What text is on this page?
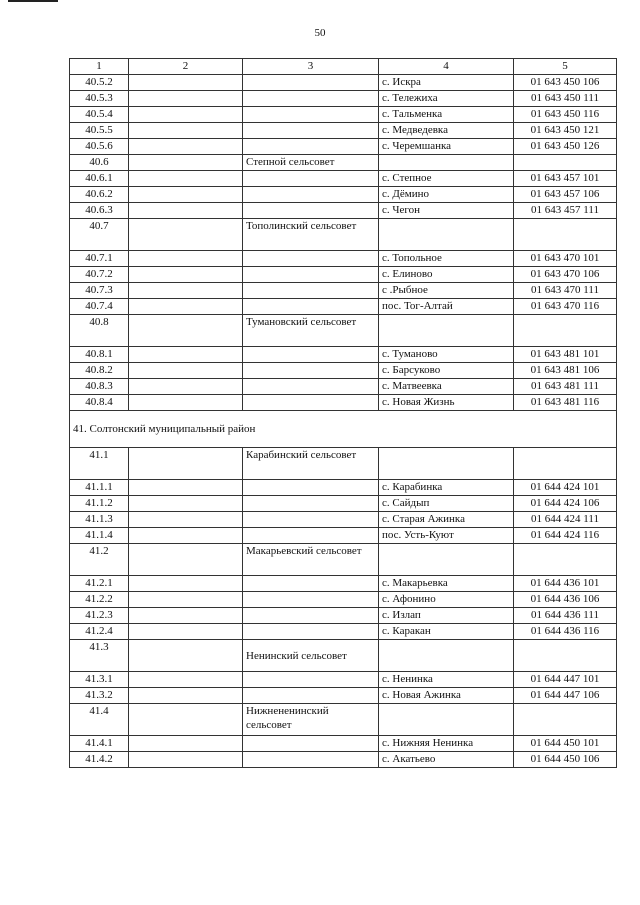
50
1	2	3	4	5
40.5.2			с. Искра	01 643 450 106
40.5.3			с. Тележиха	01 643 450 111
40.5.4			с. Тальменка	01 643 450 116
40.5.5			с. Медведевка	01 643 450 121
40.5.6			с. Черемшанка	01 643 450 126
40.6		Степной сельсовет		
40.6.1			с. Степное	01 643 457 101
40.6.2			с. Дёмино	01 643 457 106
40.6.3			с. Чегон	01 643 457 111
40.7		Тополинский сельсовет		
40.7.1			с. Топольное	01 643 470 101
40.7.2			с. Елиново	01 643 470 106
40.7.3			с .Рыбное	01 643 470 111
40.7.4			пос. Тог-Алтай	01 643 470 116
40.8		Тумановский сельсовет		
40.8.1			с. Туманово	01 643 481 101
40.8.2			с. Барсуково	01 643 481 106
40.8.3			с. Матвеевка	01 643 481 111
40.8.4			с. Новая Жизнь	01 643 481 116
41. Солтонский муниципальный район				
41.1		Карабинский сельсовет		
41.1.1			с. Карабинка	01 644 424 101
41.1.2			с. Сайдып	01 644 424 106
41.1.3			с. Старая Ажинка	01 644 424 111
41.1.4			пос. Усть-Куют	01 644 424 116
41.2		Макарьевский сельсовет		
41.2.1			с. Макарьевка	01 644 436 101
41.2.2			с. Афонино	01 644 436 106
41.2.3			с. Излап	01 644 436 111
41.2.4			с. Каракан	01 644 436 116
41.3		Ненинский сельсовет		
41.3.1			с. Ненинка	01 644 447 101
41.3.2			с. Новая Ажинка	01 644 447 106
41.4		Нижнененинский сельсовет		
41.4.1			с. Нижняя Ненинка	01 644 450 101
41.4.2			с. Акатьево	01 644 450 106
